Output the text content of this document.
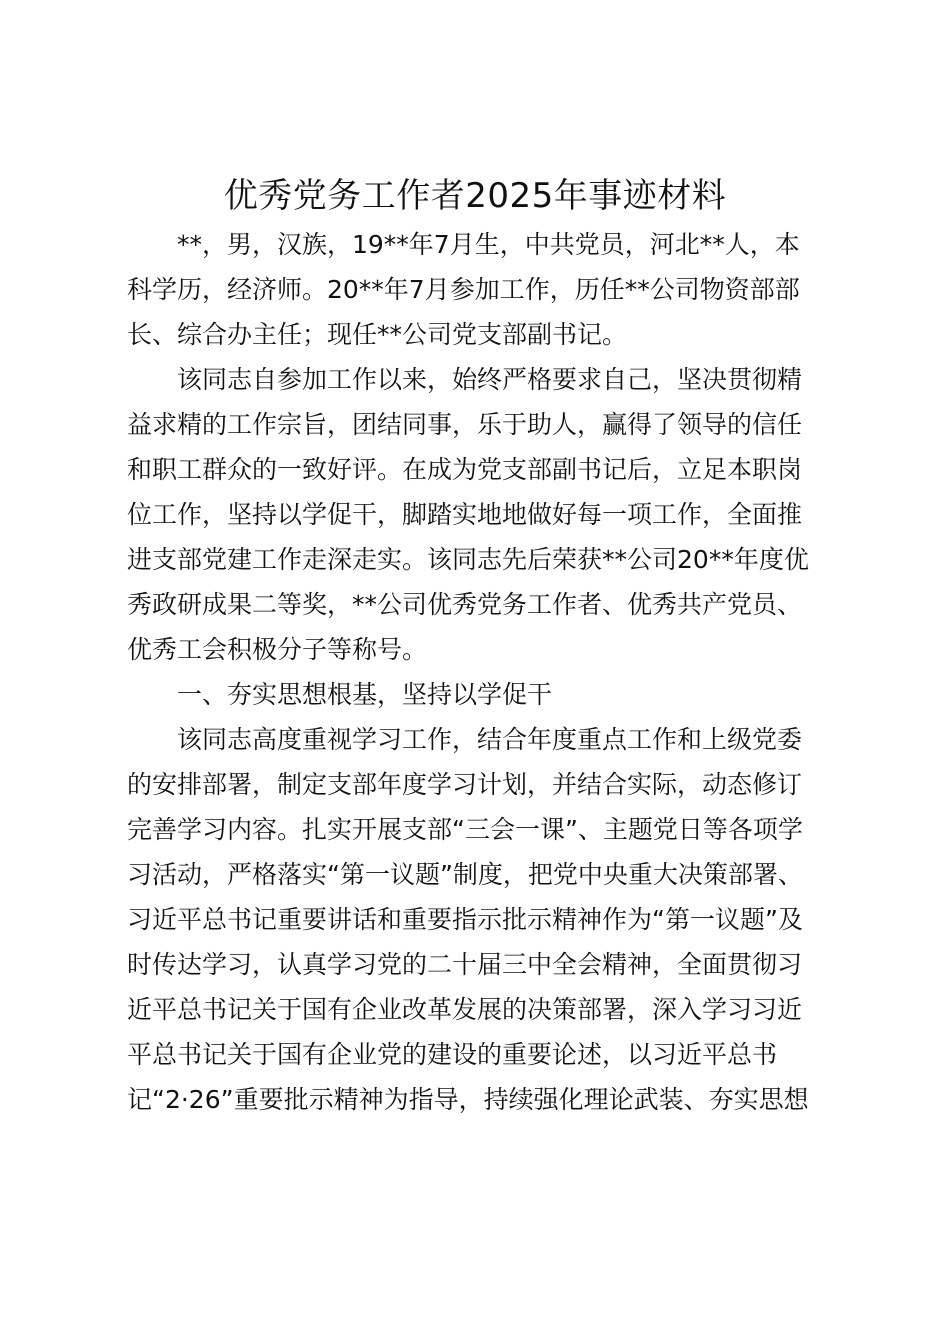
优秀党务工作者2025年事迹材料

**，男，汉族，19**年7月生，中共党员，河北**人，本

科学历，经济师。20**年7月参加工作，历任**公司物资部部

长、综合办主任；现任**公司党支部副书记。

该同志自参加工作以来，始终严格要求自己，坚决贯彻精

益求精的工作宗旨，团结同事，乐于助人，赢得了领导的信任

和职工群众的一致好评。在成为党支部副书记后，立足本职岗

位工作，坚持以学促干，脚踏实地地做好每一项工作，全面推

进支部党建工作走深走实。该同志先后荣获**公司20**年度优

秀政研成果二等奖，**公司优秀党务工作者、优秀共产党员、

优秀工会积极分子等称号。

一、夯实思想根基，坚持以学促干

该同志高度重视学习工作，结合年度重点工作和上级党委

的安排部署，制定支部年度学习计划，并结合实际，动态修订

完善学习内容。扎实开展支部“三会一课”、主题党日等各项学

习活动，严格落实“第一议题”制度，把党中央重大决策部署、

习近平总书记重要讲话和重要指示批示精神作为“第一议题”及

时传达学习，认真学习党的二十届三中全会精神，全面贯彻习

近平总书记关于国有企业改革发展的决策部署，深入学习习近

平总书记关于国有企业党的建设的重要论述，以习近平总书

记“2·26”重要批示精神为指导，持续强化理论武装、夯实思想
